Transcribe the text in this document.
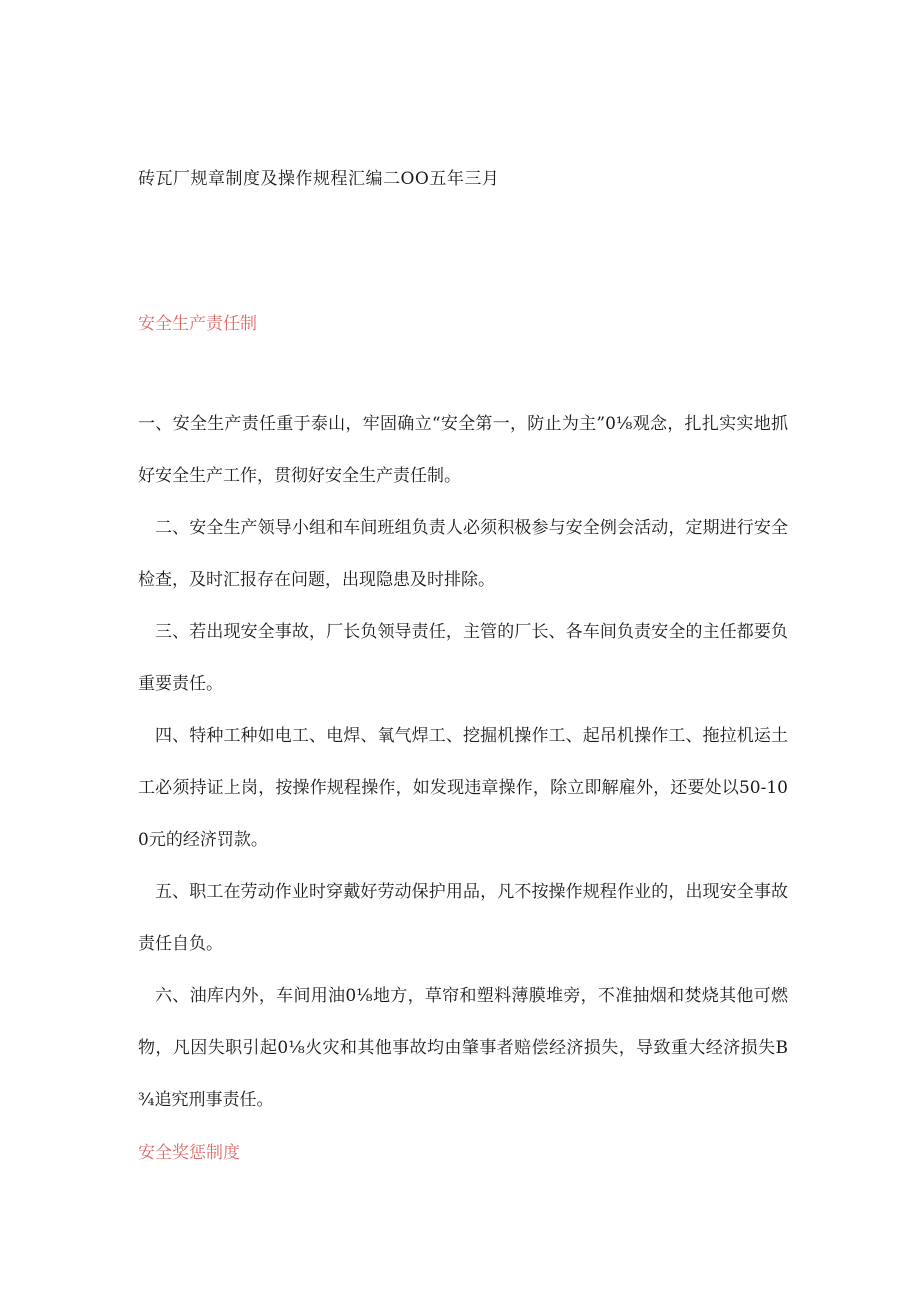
砖瓦厂规章制度及操作规程汇编二OO五年三月
安全生产责任制

一、安全生产责任重于泰山，牢固确立“安全第一，防止为主”0⅛观念，扎扎实实地抓好安全生产工作，贯彻好安全生产责任制。

二、安全生产领导小组和车间班组负责人必须积极参与安全例会活动，定期进行安全检查，及时汇报存在问题，出现隐患及时排除。

三、若出现安全事故，厂长负领导责任，主管的厂长、各车间负责安全的主任都要负重要责任。

四、特种工种如电工、电焊、氧气焊工、挖掘机操作工、起吊机操作工、拖拉机运土工必须持证上岗，按操作规程操作，如发现违章操作，除立即解雇外，还要处以50-100元的经济罚款。

五、职工在劳动作业时穿戴好劳动保护用品，凡不按操作规程作业的，出现安全事故责任自负。

六、油库内外，车间用油0⅛地方，草帘和塑料薄膜堆旁，不准抽烟和焚烧其他可燃物，凡因失职引起0⅛火灾和其他事故均由肇事者赔偿经济损失，导致重大经济损失B¾追究刑事责任。

安全奖惩制度
